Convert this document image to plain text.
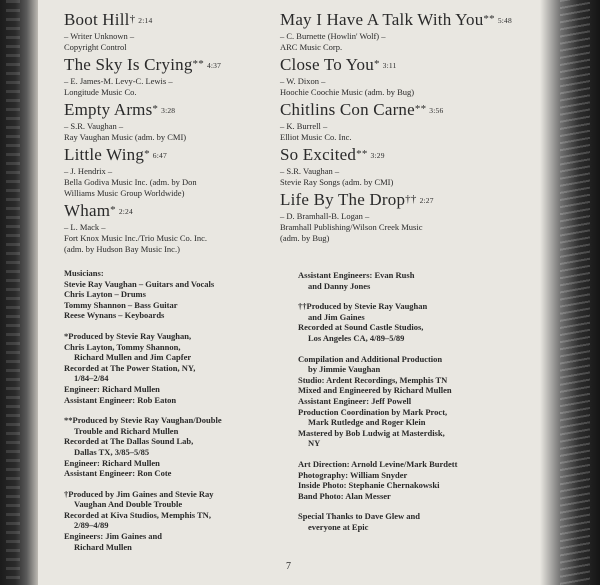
Boot Hill† 2:14
– Writer Unknown –
Copyright Control
The Sky Is Crying** 4:37
– E. James-M. Levy-C. Lewis –
Longitude Music Co.
Empty Arms* 3:28
– S.R. Vaughan –
Ray Vaughan Music (adm. by CMI)
Little Wing* 6:47
– J. Hendrix –
Bella Godiva Music Inc. (adm. by Don
Williams Music Group Worldwide)
Wham* 2:24
– L. Mack –
Fort Knox Music Inc./Trio Music Co. Inc.
(adm. by Hudson Bay Music Inc.)
May I Have A Talk With You** 5:48
– C. Burnette (Howlin' Wolf) –
ARC Music Corp.
Close To You* 3:11
– W. Dixon –
Hoochie Coochie Music (adm. by Bug)
Chitlins Con Carne** 3:56
– K. Burrell –
Elliot Music Co. Inc.
So Excited** 3:29
– S.R. Vaughan –
Stevie Ray Songs (adm. by CMI)
Life By The Drop†† 2:27
– D. Bramhall-B. Logan –
Bramhall Publishing/Wilson Creek Music
(adm. by Bug)
Musicians:
Stevie Ray Vaughan – Guitars and Vocals
Chris Layton – Drums
Tommy Shannon – Bass Guitar
Reese Wynans – Keyboards
*Produced by Stevie Ray Vaughan,
Chris Layton, Tommy Shannon,
Richard Mullen and Jim Capfer
Recorded at The Power Station, NY,
1/84–2/84
Engineer: Richard Mullen
Assistant Engineer: Rob Eaton
**Produced by Stevie Ray Vaughan/Double
Trouble and Richard Mullen
Recorded at The Dallas Sound Lab,
Dallas TX, 3/85–5/85
Engineer: Richard Mullen
Assistant Engineer: Ron Cote
†Produced by Jim Gaines and Stevie Ray
Vaughan And Double Trouble
Recorded at Kiva Studios, Memphis TN,
2/89–4/89
Engineers: Jim Gaines and
Richard Mullen
Assistant Engineers: Evan Rush
and Danny Jones
††Produced by Stevie Ray Vaughan
and Jim Gaines
Recorded at Sound Castle Studios,
Los Angeles CA, 4/89–5/89
Compilation and Additional Production
by Jimmie Vaughan
Studio: Ardent Recordings, Memphis TN
Mixed and Engineered by Richard Mullen
Assistant Engineer: Jeff Powell
Production Coordination by Mark Proct,
Mark Rutledge and Roger Klein
Mastered by Bob Ludwig at Masterdisk,
NY
Art Direction: Arnold Levine/Mark Burdett
Photography: William Snyder
Inside Photo: Stephanie Chernakowski
Band Photo: Alan Messer
Special Thanks to Dave Glew and
everyone at Epic
7
